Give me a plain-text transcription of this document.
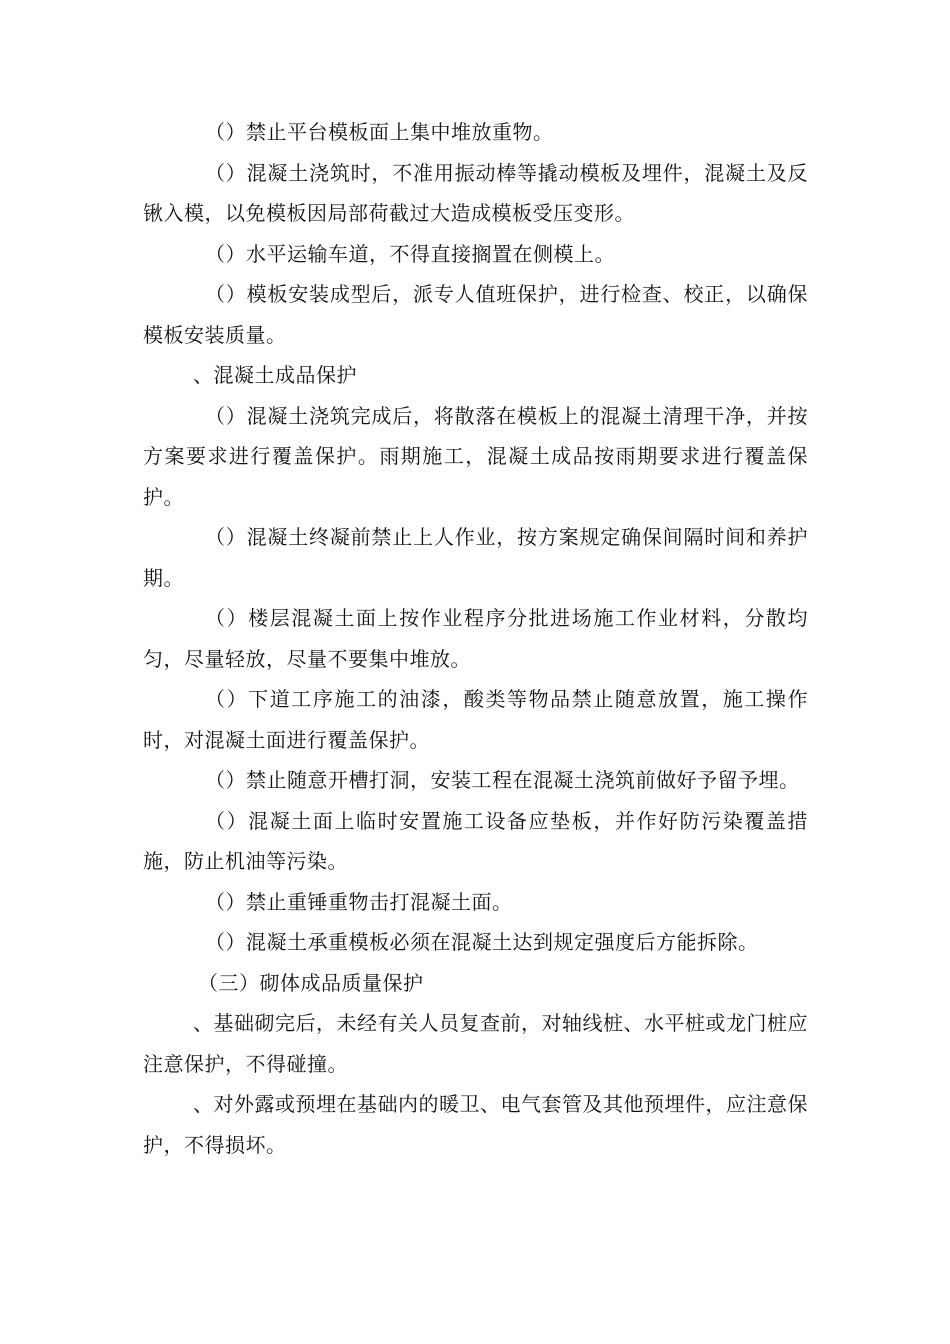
（）禁止平台模板面上集中堆放重物。

（）混凝土浇筑时，不准用振动棒等撬动模板及埋件，混凝土及反锹入模，以免模板因局部荷截过大造成模板受压变形。

（）水平运输车道，不得直接搁置在侧模上。

（）模板安装成型后，派专人值班保护，进行检查、校正，以确保模板安装质量。

、混凝土成品保护

（）混凝土浇筑完成后，将散落在模板上的混凝土清理干净，并按方案要求进行覆盖保护。雨期施工，混凝土成品按雨期要求进行覆盖保护。

（）混凝土终凝前禁止上人作业，按方案规定确保间隔时间和养护期。

（）楼层混凝土面上按作业程序分批进场施工作业材料，分散均匀，尽量轻放，尽量不要集中堆放。

（）下道工序施工的油漆，酸类等物品禁止随意放置，施工操作时，对混凝土面进行覆盖保护。

（）禁止随意开槽打洞，安装工程在混凝土浇筑前做好予留予埋。

（）混凝土面上临时安置施工设备应垫板，并作好防污染覆盖措施，防止机油等污染。

（）禁止重锤重物击打混凝土面。

（）混凝土承重模板必须在混凝土达到规定强度后方能拆除。

（三）砌体成品质量保护

、基础砌完后，未经有关人员复查前，对轴线桩、水平桩或龙门桩应注意保护，不得碰撞。

、对外露或预埋在基础内的暖卫、电气套管及其他预埋件，应注意保护，不得损坏。
